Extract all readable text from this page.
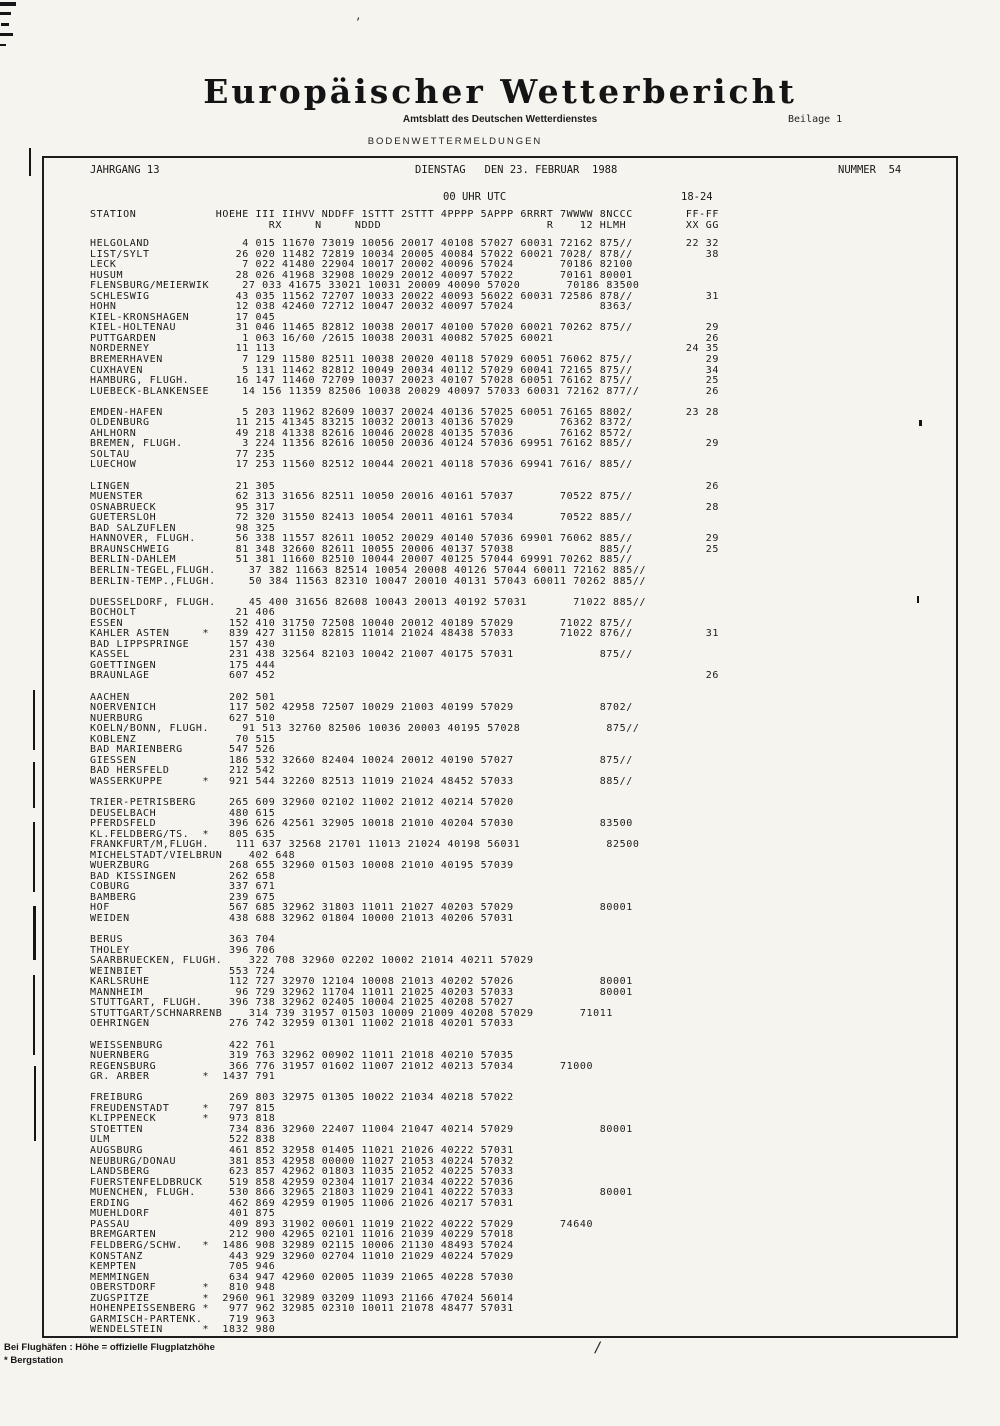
’
Europäischer Wetterbericht
Amtsblatt des Deutschen Wetterdienstes	Beilage 1
BODENWETTERMELDUNGEN
JAHRGANG 13	DIENSTAG   DEN 23. FEBRUAR  1988	NUMMER  54
00 UHR UTC	18-24
STATION            HOEHE III IIHVV NDDFF 1STTT 2STTT 4PPPP 5APPP 6RRRT 7WWWW 8NCCC        FF-FF
RX     N     NDDD                         R    12 HLMH         XX GG
HELGOLAND              4 015 11670 73019 10056 20017 40108 57027 60031 72162 875//        22 32
LIST/SYLT             26 020 11482 72819 10034 20005 40084 57022 60021 7028/ 878//           38
LECK                   7 022 41480 22904 10017 20002 40096 57024       70186 82100
HUSUM                 28 026 41968 32908 10029 20012 40097 57022       70161 80001
FLENSBURG/MEIERWIK     27 033 41675 33021 10031 20009 40090 57020       70186 83500
SCHLESWIG             43 035 11562 72707 10033 20022 40093 56022 60031 72586 878//           31
HOHN                  12 038 42460 72712 10047 20032 40097 57024             8363/
KIEL-KRONSHAGEN       17 045
KIEL-HOLTENAU         31 046 11465 82812 10038 20017 40100 57020 60021 70262 875//           29
PUTTGARDEN             1 063 16/60 /2615 10038 20031 40082 57025 60021                       26
NORDERNEY             11 113                                                              24 35
BREMERHAVEN            7 129 11580 82511 10038 20020 40118 57029 60051 76062 875//           29
CUXHAVEN               5 131 11462 82812 10049 20034 40112 57029 60041 72165 875//           34
HAMBURG, FLUGH.       16 147 11460 72709 10037 20023 40107 57028 60051 76162 875//           25
LUEBECK-BLANKENSEE     14 156 11359 82506 10038 20029 40097 57033 60031 72162 877//          26

EMDEN-HAFEN            5 203 11962 82609 10037 20024 40136 57025 60051 76165 8802/        23 28
OLDENBURG             11 215 41345 83215 10032 20013 40136 57029       76362 8372/
AHLHORN               49 218 41338 82616 10046 20028 40135 57036       76162 8572/
BREMEN, FLUGH.         3 224 11356 82616 10050 20036 40124 57036 69951 76162 885//           29
SOLTAU                77 235
LUECHOW               17 253 11560 82512 10044 20021 40118 57036 69941 7616/ 885//

LINGEN                21 305                                                                 26
MUENSTER              62 313 31656 82511 10050 20016 40161 57037       70522 875//
OSNABRUECK            95 317                                                                 28
GUETERSLOH            72 320 31550 82413 10054 20011 40161 57034       70522 885//
BAD SALZUFLEN         98 325
HANNOVER, FLUGH.      56 338 11557 82611 10052 20029 40140 57036 69901 76062 885//           29
BRAUNSCHWEIG          81 348 32660 82611 10055 20006 40137 57038             885//           25
BERLIN-DAHLEM         51 381 11660 82510 10044 20007 40125 57044 69991 70262 885//
BERLIN-TEGEL,FLUGH.     37 382 11663 82514 10054 20008 40126 57044 60011 72162 885//
BERLIN-TEMP.,FLUGH.     50 384 11563 82310 10047 20010 40131 57043 60011 70262 885//

DUESSELDORF, FLUGH.     45 400 31656 82608 10043 20013 40192 57031       71022 885//
BOCHOLT               21 406
ESSEN                152 410 31750 72508 10040 20012 40189 57029       71022 875//
KAHLER ASTEN     *   839 427 31150 82815 11014 21024 48438 57033       71022 876//           31
BAD LIPPSPRINGE      157 430
KASSEL               231 438 32564 82103 10042 21007 40175 57031             875//
GOETTINGEN           175 444
BRAUNLAGE            607 452                                                                 26

AACHEN               202 501
NOERVENICH           117 502 42958 72507 10029 21003 40199 57029             8702/
NUERBURG             627 510
KOELN/BONN, FLUGH.     91 513 32760 82506 10036 20003 40195 57028             875//
KOBLENZ               70 515
BAD MARIENBERG       547 526
GIESSEN              186 532 32660 82404 10024 20012 40190 57027             875//
BAD HERSFELD         212 542
WASSERKUPPE      *   921 544 32260 82513 11019 21024 48452 57033             885//

TRIER-PETRISBERG     265 609 32960 02102 11002 21012 40214 57020
DEUSELBACH           480 615
PFERDSFELD           396 626 42561 32905 10018 21010 40204 57030             83500
KL.FELDBERG/TS.  *   805 635
FRANKFURT/M,FLUGH.    111 637 32568 21701 11013 21024 40198 56031             82500
MICHELSTADT/VIELBRUN    402 648
WUERZBURG            268 655 32960 01503 10008 21010 40195 57039
BAD KISSINGEN        262 658
COBURG               337 671
BAMBERG              239 675
HOF                  567 685 32962 31803 11011 21027 40203 57029             80001
WEIDEN               438 688 32962 01804 10000 21013 40206 57031

BERUS                363 704
THOLEY               396 706
SAARBRUECKEN, FLUGH.    322 708 32960 02202 10002 21014 40211 57029
WEINBIET             553 724
KARLSRUHE            112 727 32970 12104 10008 21013 40202 57026             80001
MANNHEIM              96 729 32962 11704 11011 21025 40203 57033             80001
STUTTGART, FLUGH.    396 738 32962 02405 10004 21025 40208 57027
STUTTGART/SCHNARRENB    314 739 31957 01503 10009 21009 40208 57029       71011
OEHRINGEN            276 742 32959 01301 11002 21018 40201 57033

WEISSENBURG          422 761
NUERNBERG            319 763 32962 00902 11011 21018 40210 57035
REGENSBURG           366 776 31957 01602 11007 21012 40213 57034       71000
GR. ARBER        *  1437 791

FREIBURG             269 803 32975 01305 10022 21034 40218 57022
FREUDENSTADT     *   797 815
KLIPPENECK       *   973 818
STOETTEN             734 836 32960 22407 11004 21047 40214 57029             80001
ULM                  522 838
AUGSBURG             461 852 32958 01405 11021 21026 40222 57031
NEUBURG/DONAU        381 853 42958 00000 11027 21053 40224 57032
LANDSBERG            623 857 42962 01803 11035 21052 40225 57033
FUERSTENFELDBRUCK    519 858 42959 02304 11017 21034 40222 57036
MUENCHEN, FLUGH.     530 866 32965 21803 11029 21041 40222 57033             80001
ERDING               462 869 42959 01905 11006 21026 40217 57031
MUEHLDORF            401 875
PASSAU               409 893 31902 00601 11019 21022 40222 57029       74640
BREMGARTEN           212 900 42965 02101 11016 21039 40229 57018
FELDBERG/SCHW.   *  1486 908 32989 02115 10006 21130 48493 57024
KONSTANZ             443 929 32960 02704 11010 21029 40224 57029
KEMPTEN              705 946
MEMMINGEN            634 947 42960 02005 11039 21065 40228 57030
OBERSTDORF       *   810 948
ZUGSPITZE        *  2960 961 32989 03209 11093 21166 47024 56014
HOHENPEISSENBERG *   977 962 32985 02310 10011 21078 48477 57031
GARMISCH-PARTENK.    719 963
WENDELSTEIN      *  1832 980
Bei Flughäfen : Höhe = offizielle Flugplatzhöhe
* Bergstation
/
